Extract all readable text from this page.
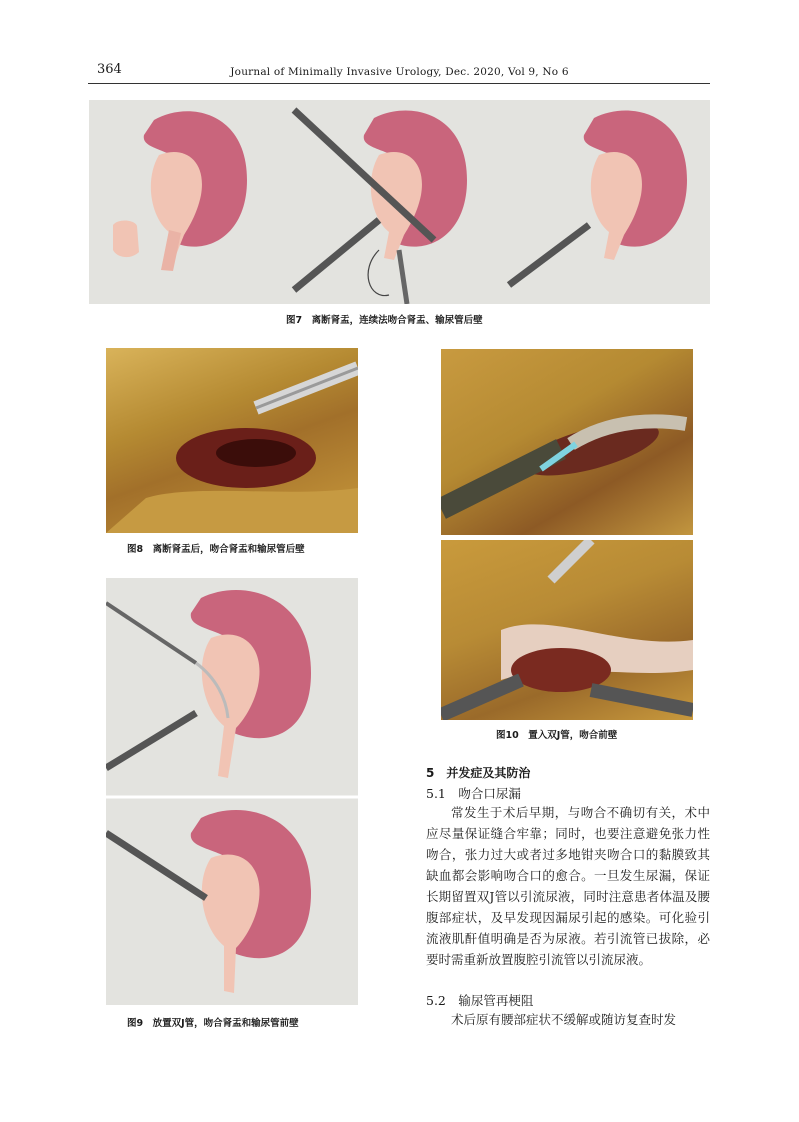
364	Journal of Minimally Invasive Urology, Dec. 2020, Vol 9, No 6
图7　离断肾盂，连续法吻合肾盂、输尿管后壁
图8　离断肾盂后，吻合肾盂和输尿管后壁
图9　放置双J管，吻合肾盂和输尿管前壁
图10　置入双J管，吻合前壁
5　并发症及其防治
5.1　吻合口尿漏
常发生于术后早期，与吻合不确切有关，术中应尽量保证缝合牢靠；同时，也要注意避免张力性吻合，张力过大或者过多地钳夹吻合口的黏膜致其缺血都会影响吻合口的愈合。一旦发生尿漏，保证长期留置双J管以引流尿液，同时注意患者体温及腰腹部症状，及早发现因漏尿引起的感染。可化验引流液肌酐值明确是否为尿液。若引流管已拔除，必要时需重新放置腹腔引流管以引流尿液。
5.2　输尿管再梗阻
术后原有腰部症状不缓解或随访复查时发
